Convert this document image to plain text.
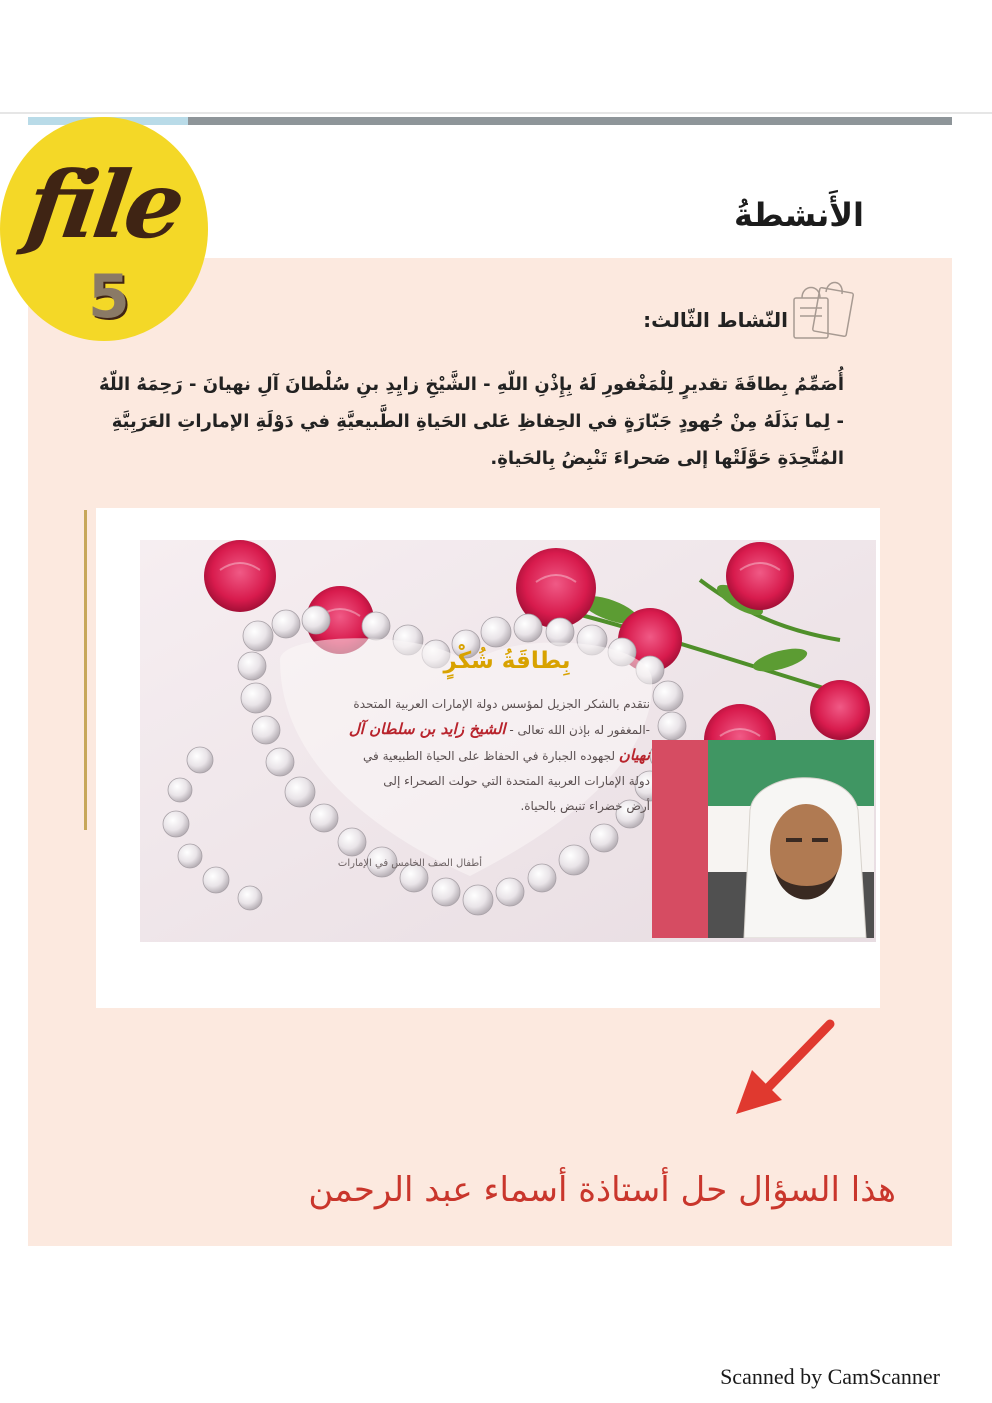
file
5
الأَنشطةُ
النّشاط الثّالث:
أُصَمِّمُ بِطاقَةَ تقديرٍ لِلْمَغْفورِ لَهُ بِإِذْنِ اللّهِ - الشَّيْخِ زايِدِ بنِ سُلْطانَ آلِ نهيانَ - رَحِمَهُ اللّهُ - لِما بَذَلَهُ مِنْ جُهودٍ جَبّارَةٍ في الحِفاظِ عَلى الحَياةِ الطَّبيعيَّةِ في دَوْلَةِ الإماراتِ العَرَبِيَّةِ المُتَّحِدَةِ حَوَّلَتْها إلى صَحراءَ تَنْبِضُ بِالحَياةِ.
بِطاقَةُ شُكْرٍ
نتقدم بالشكر الجزيل لمؤسس دولة الإمارات العربية المتحدة
-المغفور له بإذن الله تعالى - الشيخ زايد بن سلطان آل
نهيان لجهوده الجبارة في الحفاظ على الحياة الطبيعية في
دولة الإمارات العربية المتحدة التي حولت الصحراء إلى
أرض خضراء تنبض بالحياة.
أطفال الصف الخامس في الإمارات
هذا السؤال حل أستاذة أسماء عبد الرحمن
Scanned by CamScanner
